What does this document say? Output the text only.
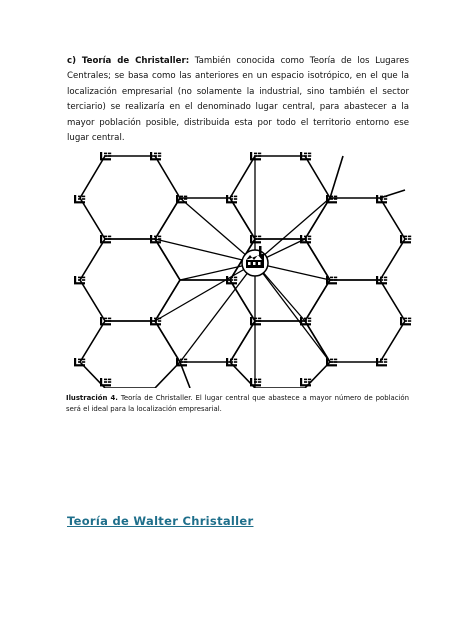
c) Teoría de Christaller: También conocida como Teoría de los Lugares Centrales; se basa como las anteriores en un espacio isotrópico, en el que la localización empresarial (no solamente la industrial, sino también el sector terciario) se realizaría en el denominado lugar central, para abastecer a la mayor población posible, distribuida esta por todo el territorio entorno ese lugar central.

Ilustración 4. Teoría de Christaller. El lugar central que abastece a mayor número de población será el ideal para la localización empresarial.

Teoría de Walter Christaller
